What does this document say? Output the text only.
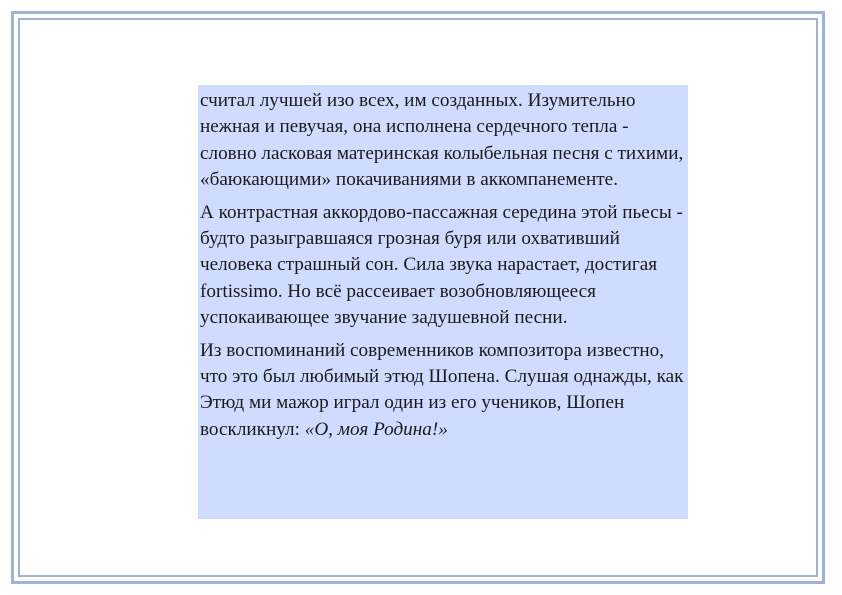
считал лучшей изо всех, им созданных. Изумительно нежная и певучая, она исполнена сердечного тепла - словно ласковая материнская колыбельная песня с тихими, «баюкающими» покачиваниями в аккомпанементе.

А контрастная аккордово-пассажная середина этой пьесы - будто разыгравшаяся грозная буря или охвативший человека страшный сон. Сила звука нарастает, достигая fortissimo. Но всё рассеивает возобновляющееся успокаивающее звучание задушевной песни.

Из воспоминаний современников композитора известно, что это был любимый этюд Шопена. Слушая однажды, как Этюд ми мажор играл один из его учеников, Шопен воскликнул: «О, моя Родина!»
